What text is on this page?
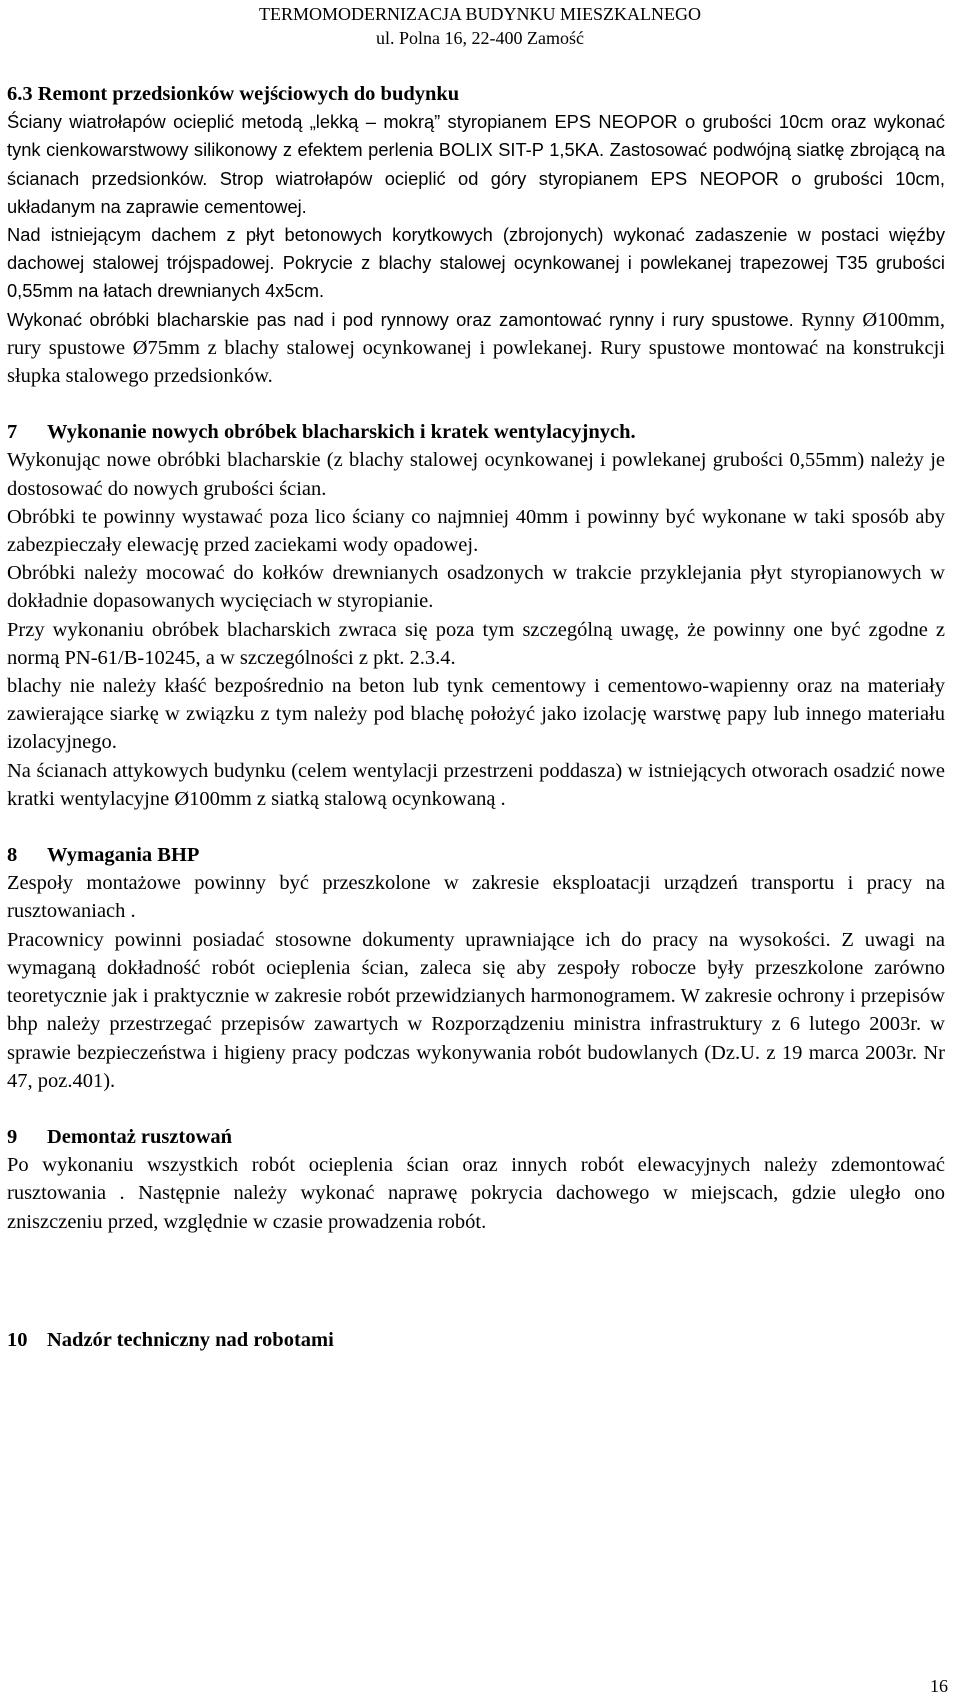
TERMOMODERNIZACJA BUDYNKU MIESZKALNEGO
ul. Polna 16, 22-400 Zamość

6.3 Remont przedsionków wejściowych do budynku

Ściany wiatrołapów ocieplić metodą „lekką – mokrą” styropianem EPS NEOPOR o grubości 10cm oraz wykonać tynk cienkowarstwowy silikonowy z efektem perlenia BOLIX SIT-P 1,5KA. Zastosować podwójną siatkę zbrojącą na ścianach przedsionków. Strop wiatrołapów ocieplić od góry styropianem EPS NEOPOR o grubości 10cm, układanym na zaprawie cementowej.

Nad istniejącym dachem z płyt betonowych korytkowych (zbrojonych) wykonać zadaszenie w postaci więźby dachowej stalowej trójspadowej. Pokrycie z blachy stalowej ocynkowanej i powlekanej trapezowej T35 grubości 0,55mm na łatach drewnianych 4x5cm.

Wykonać obróbki blacharskie pas nad i pod rynnowy oraz zamontować rynny i rury spustowe. Rynny Ø100mm, rury spustowe Ø75mm z blachy stalowej ocynkowanej i powlekanej. Rury spustowe montować na konstrukcji słupka stalowego przedsionków.

7 Wykonanie nowych obróbek blacharskich i kratek wentylacyjnych.

Wykonując nowe obróbki blacharskie (z blachy stalowej ocynkowanej i powlekanej grubości 0,55mm) należy je dostosować do nowych grubości ścian.

Obróbki te powinny wystawać poza lico ściany co najmniej 40mm i powinny być wykonane w taki sposób aby zabezpieczały elewację przed zaciekami wody opadowej.

Obróbki należy mocować do kołków drewnianych osadzonych w trakcie przyklejania płyt styropianowych w dokładnie dopasowanych wycięciach w styropianie.

Przy wykonaniu obróbek blacharskich zwraca się poza tym szczególną uwagę, że powinny one być zgodne z normą PN-61/B-10245, a w szczególności z pkt. 2.3.4.

blachy nie należy kłaść bezpośrednio na beton lub tynk cementowy i cementowo-wapienny oraz na materiały zawierające siarkę w związku z tym należy pod blachę położyć jako izolację warstwę papy lub innego materiału izolacyjnego.

Na ścianach attykowych budynku (celem wentylacji przestrzeni poddasza) w istniejących otworach osadzić nowe kratki wentylacyjne Ø100mm z siatką stalową ocynkowaną .

8 Wymagania BHP

Zespoły montażowe powinny być przeszkolone w zakresie eksploatacji urządzeń transportu i pracy na rusztowaniach .

Pracownicy powinni posiadać stosowne dokumenty uprawniające ich do pracy na wysokości. Z uwagi na wymaganą dokładność robót ocieplenia ścian, zaleca się aby zespoły robocze były przeszkolone zarówno teoretycznie jak i praktycznie w zakresie robót przewidzianych harmonogramem. W zakresie ochrony i przepisów bhp należy przestrzegać przepisów zawartych w Rozporządzeniu ministra infrastruktury z 6 lutego 2003r. w sprawie bezpieczeństwa i higieny pracy podczas wykonywania robót budowlanych (Dz.U. z 19 marca 2003r. Nr 47, poz.401).

9 Demontaż rusztowań

Po wykonaniu wszystkich robót ocieplenia ścian oraz innych robót elewacyjnych należy zdemontować rusztowania . Następnie należy wykonać naprawę pokrycia dachowego w miejscach, gdzie uległo ono zniszczeniu przed, względnie w czasie prowadzenia robót.

10 Nadzór techniczny nad robotami

16
